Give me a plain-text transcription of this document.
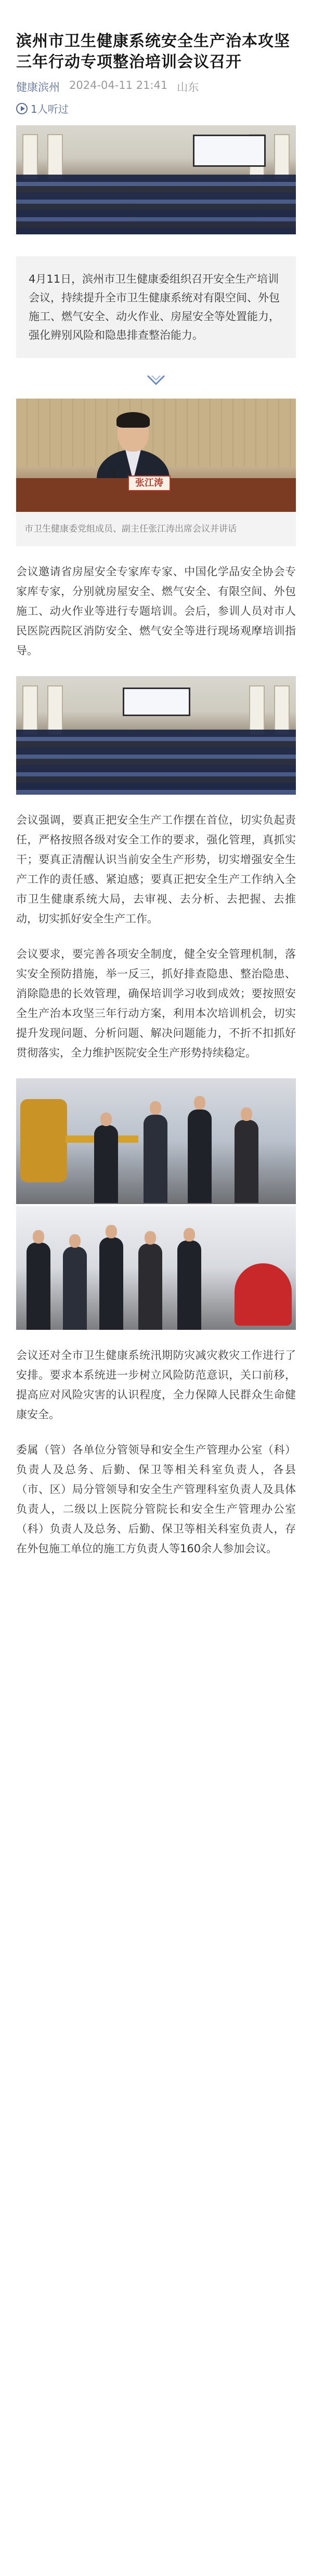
滨州市卫生健康系统安全生产治本攻坚三年行动专项整治培训会议召开
健康滨州 2024-04-11 21:41 山东
1人听过
4月11日，滨州市卫生健康委组织召开安全生产培训会议，持续提升全市卫生健康系统对有限空间、外包施工、燃气安全、动火作业、房屋安全等处置能力，强化辨别风险和隐患排查整治能力。
张江涛
市卫生健康委党组成员、副主任张江涛出席会议并讲话

会议邀请省房屋安全专家库专家、中国化学品安全协会专家库专家，分别就房屋安全、燃气安全、有限空间、外包施工、动火作业等进行专题培训。会后，参训人员对市人民医院西院区消防安全、燃气安全等进行现场观摩培训指导。

会议强调，要真正把安全生产工作摆在首位，切实负起责任，严格按照各级对安全工作的要求，强化管理，真抓实干；要真正清醒认识当前安全生产形势，切实增强安全生产工作的责任感、紧迫感；要真正把安全生产工作纳入全市卫生健康系统大局，去审视、去分析、去把握、去推动，切实抓好安全生产工作。

会议要求，要完善各项安全制度，健全安全管理机制，落实安全预防措施，举一反三，抓好排查隐患、整治隐患、消除隐患的长效管理，确保培训学习收到成效；要按照安全生产治本攻坚三年行动方案，利用本次培训机会，切实提升发现问题、分析问题、解决问题能力，不折不扣抓好贯彻落实，全力维护医院安全生产形势持续稳定。

会议还对全市卫生健康系统汛期防灾减灾救灾工作进行了安排。要求本系统进一步树立风险防范意识，关口前移，提高应对风险灾害的认识程度，全力保障人民群众生命健康安全。

委属（管）各单位分管领导和安全生产管理办公室（科）负责人及总务、后勤、保卫等相关科室负责人，各县（市、区）局分管领导和安全生产管理科室负责人及具体负责人，二级以上医院分管院长和安全生产管理办公室（科）负责人及总务、后勤、保卫等相关科室负责人，存在外包施工单位的施工方负责人等160余人参加会议。
